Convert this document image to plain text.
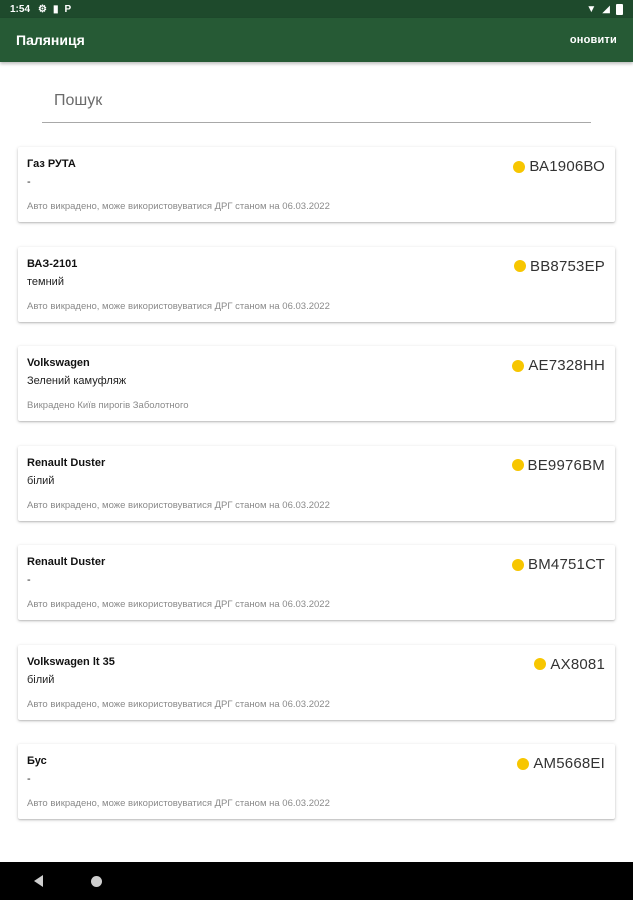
1:54 ⚙ ▮ P	▼ ◢
Паляниця	оновити
Пошук
Газ РУТА
-
Авто викрадено, може використовуватися ДРГ станом на 06.03.2022
ВА1906ВО
ВАЗ-2101
темний
Авто викрадено, може використовуватися ДРГ станом на 06.03.2022
ВВ8753ЕР
Volkswagen
Зелений камуфляж
Викрадено Київ пирогів Заболотного
АЕ7328НН
Renault Duster
білий
Авто викрадено, може використовуватися ДРГ станом на 06.03.2022
ВЕ9976ВМ
Renault Duster
-
Авто викрадено, може використовуватися ДРГ станом на 06.03.2022
ВМ4751СТ
Volkswagen lt 35
білий
Авто викрадено, може використовуватися ДРГ станом на 06.03.2022
АХ8081
Бус
-
Авто викрадено, може використовуватися ДРГ станом на 06.03.2022
АМ5668ЕІ
